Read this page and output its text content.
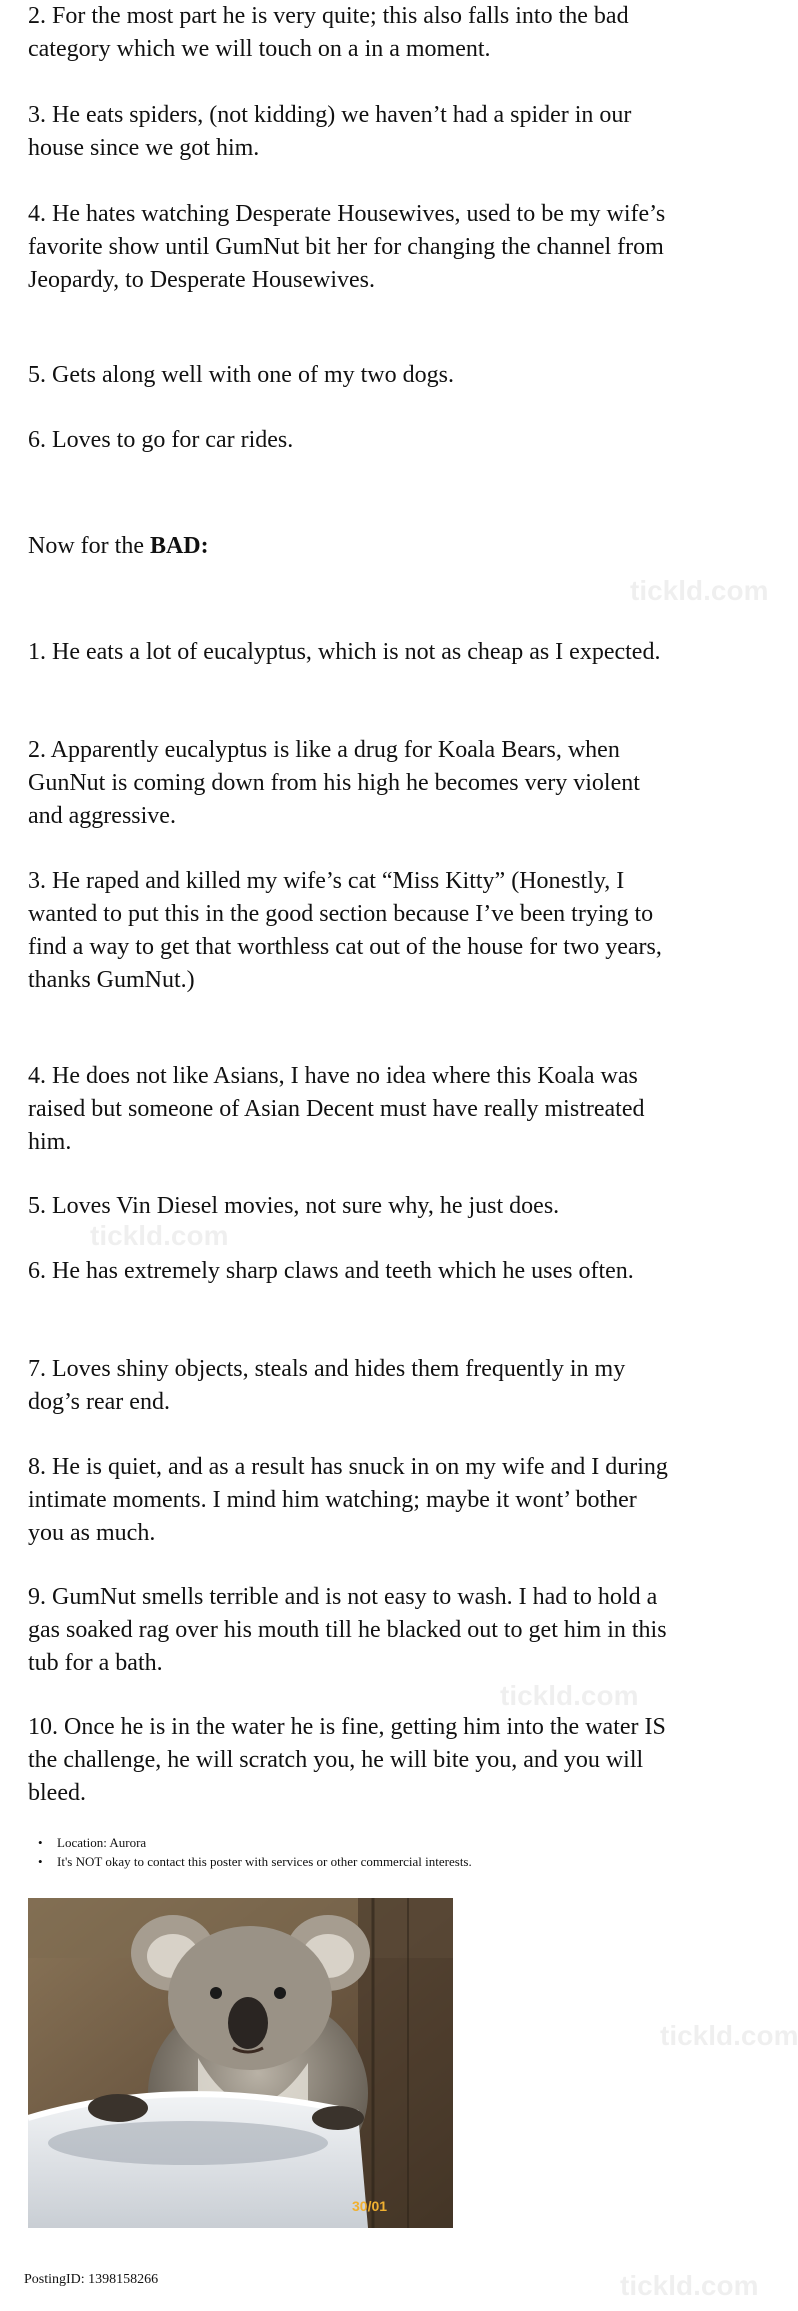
2. For the most part he is very quite; this also falls into the bad category which we will touch on a in a moment.

3. He eats spiders, (not kidding) we haven’t had a spider in our house since we got him.

4. He hates watching Desperate Housewives, used to be my wife’s favorite show until GumNut bit her for changing the channel from Jeopardy, to Desperate Housewives.

5. Gets along well with one of my two dogs.

6. Loves to go for car rides.

Now for the BAD:

1. He eats a lot of eucalyptus, which is not as cheap as I expected.

2. Apparently eucalyptus is like a drug for Koala Bears, when GunNut is coming down from his high he becomes very violent and aggressive.

3. He raped and killed my wife’s cat “Miss Kitty” (Honestly, I wanted to put this in the good section because I’ve been trying to find a way to get that worthless cat out of the house for two years, thanks GumNut.)

4. He does not like Asians, I have no idea where this Koala was raised but someone of Asian Decent must have really mistreated him.

5. Loves Vin Diesel movies, not sure why, he just does.

6. He has extremely sharp claws and teeth which he uses often.

7. Loves shiny objects, steals and hides them frequently in my dog’s rear end.

8. He is quiet, and as a result has snuck in on my wife and I during intimate moments. I mind him watching; maybe it wont’ bother you as much.

9. GumNut smells terrible and is not easy to wash. I had to hold a gas soaked rag over his mouth till he blacked out to get him in this tub for a bath.

10. Once he is in the water he is fine, getting him into the water IS the challenge, he will scratch you, he will bite you, and you will bleed.

• Location: Aurora
• It's NOT okay to contact this poster with services or other commercial interests.
30/01
PostingID: 1398158266
tickld.com
tickld.com
tickld.com
tickld.com
tickld.com
